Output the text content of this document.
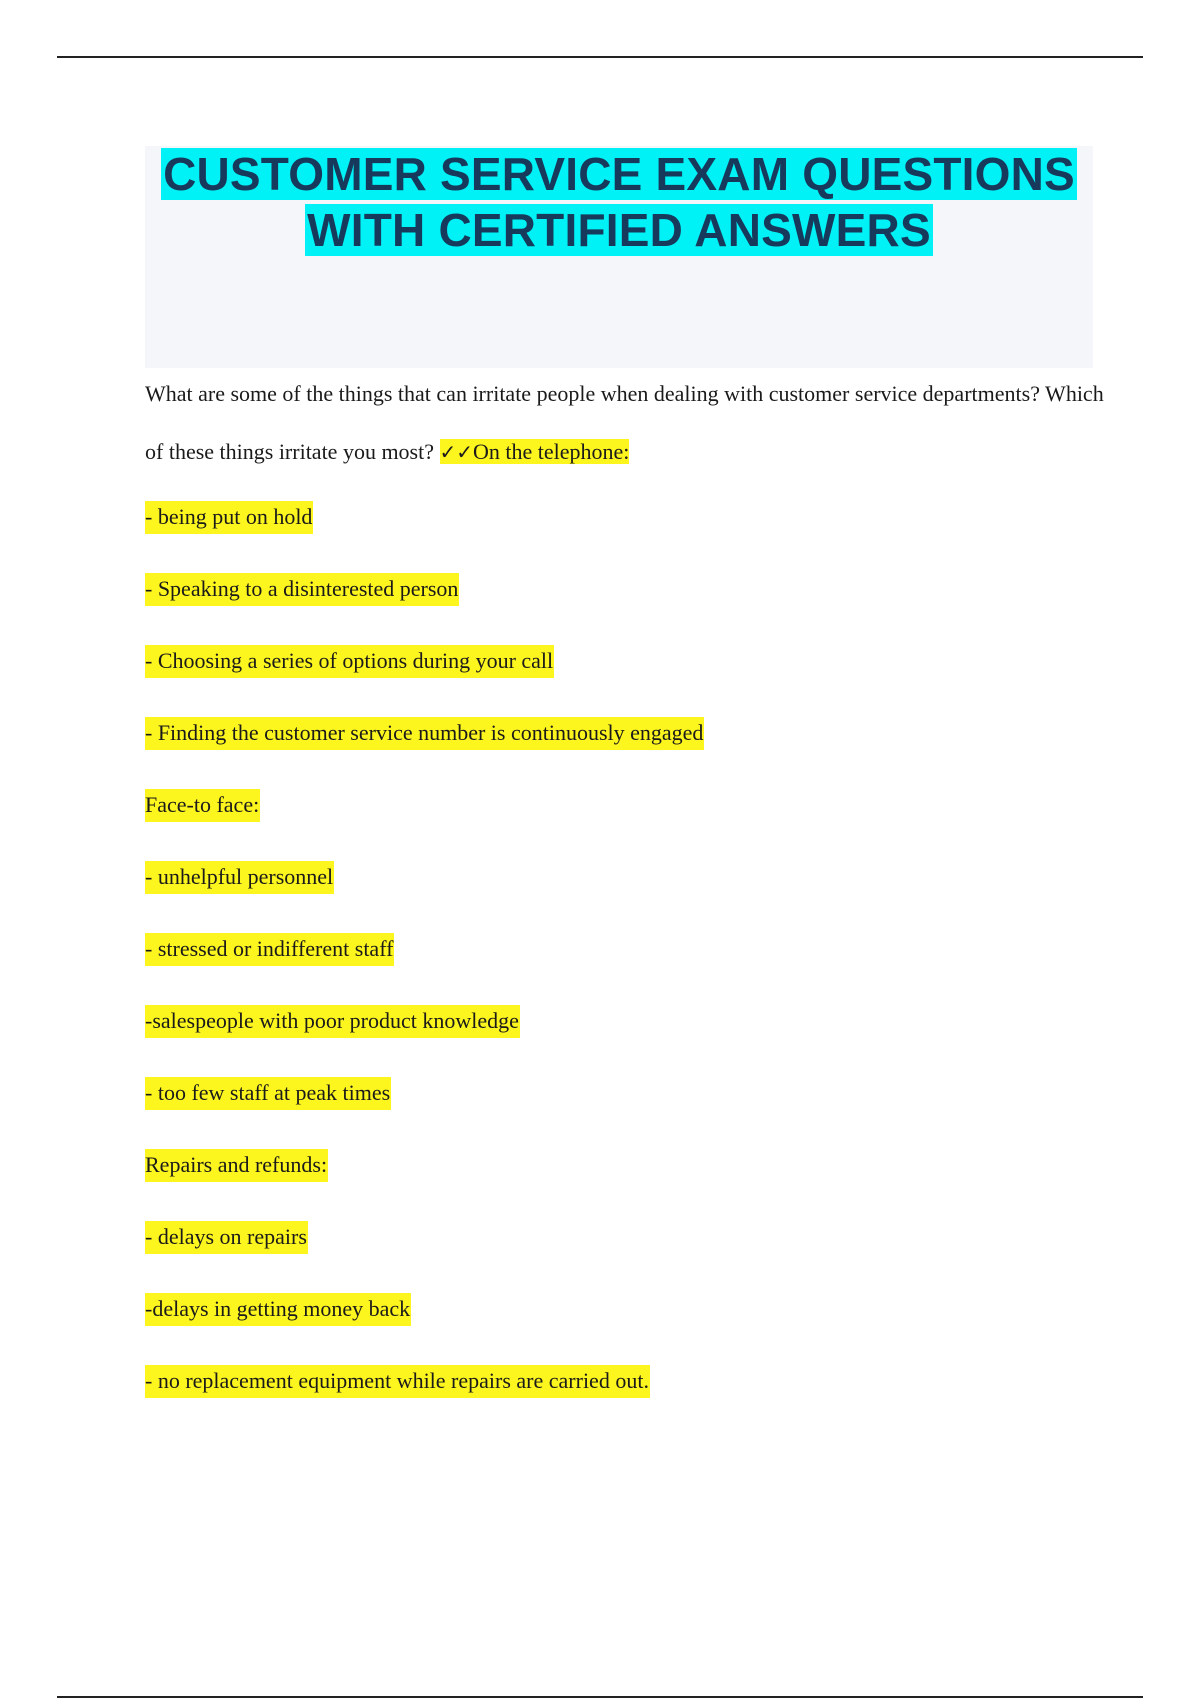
CUSTOMER SERVICE EXAM QUESTIONS WITH CERTIFIED ANSWERS

What are some of the things that can irritate people when dealing with customer service departments? Which of these things irritate you most? ✓✓On the telephone:

- being put on hold
- Speaking to a disinterested person
- Choosing a series of options during your call
- Finding the customer service number is continuously engaged
Face-to face:
- unhelpful personnel
- stressed or indifferent staff
-salespeople with poor product knowledge
- too few staff at peak times
Repairs and refunds:
- delays on repairs
-delays in getting money back
- no replacement equipment while repairs are carried out.
